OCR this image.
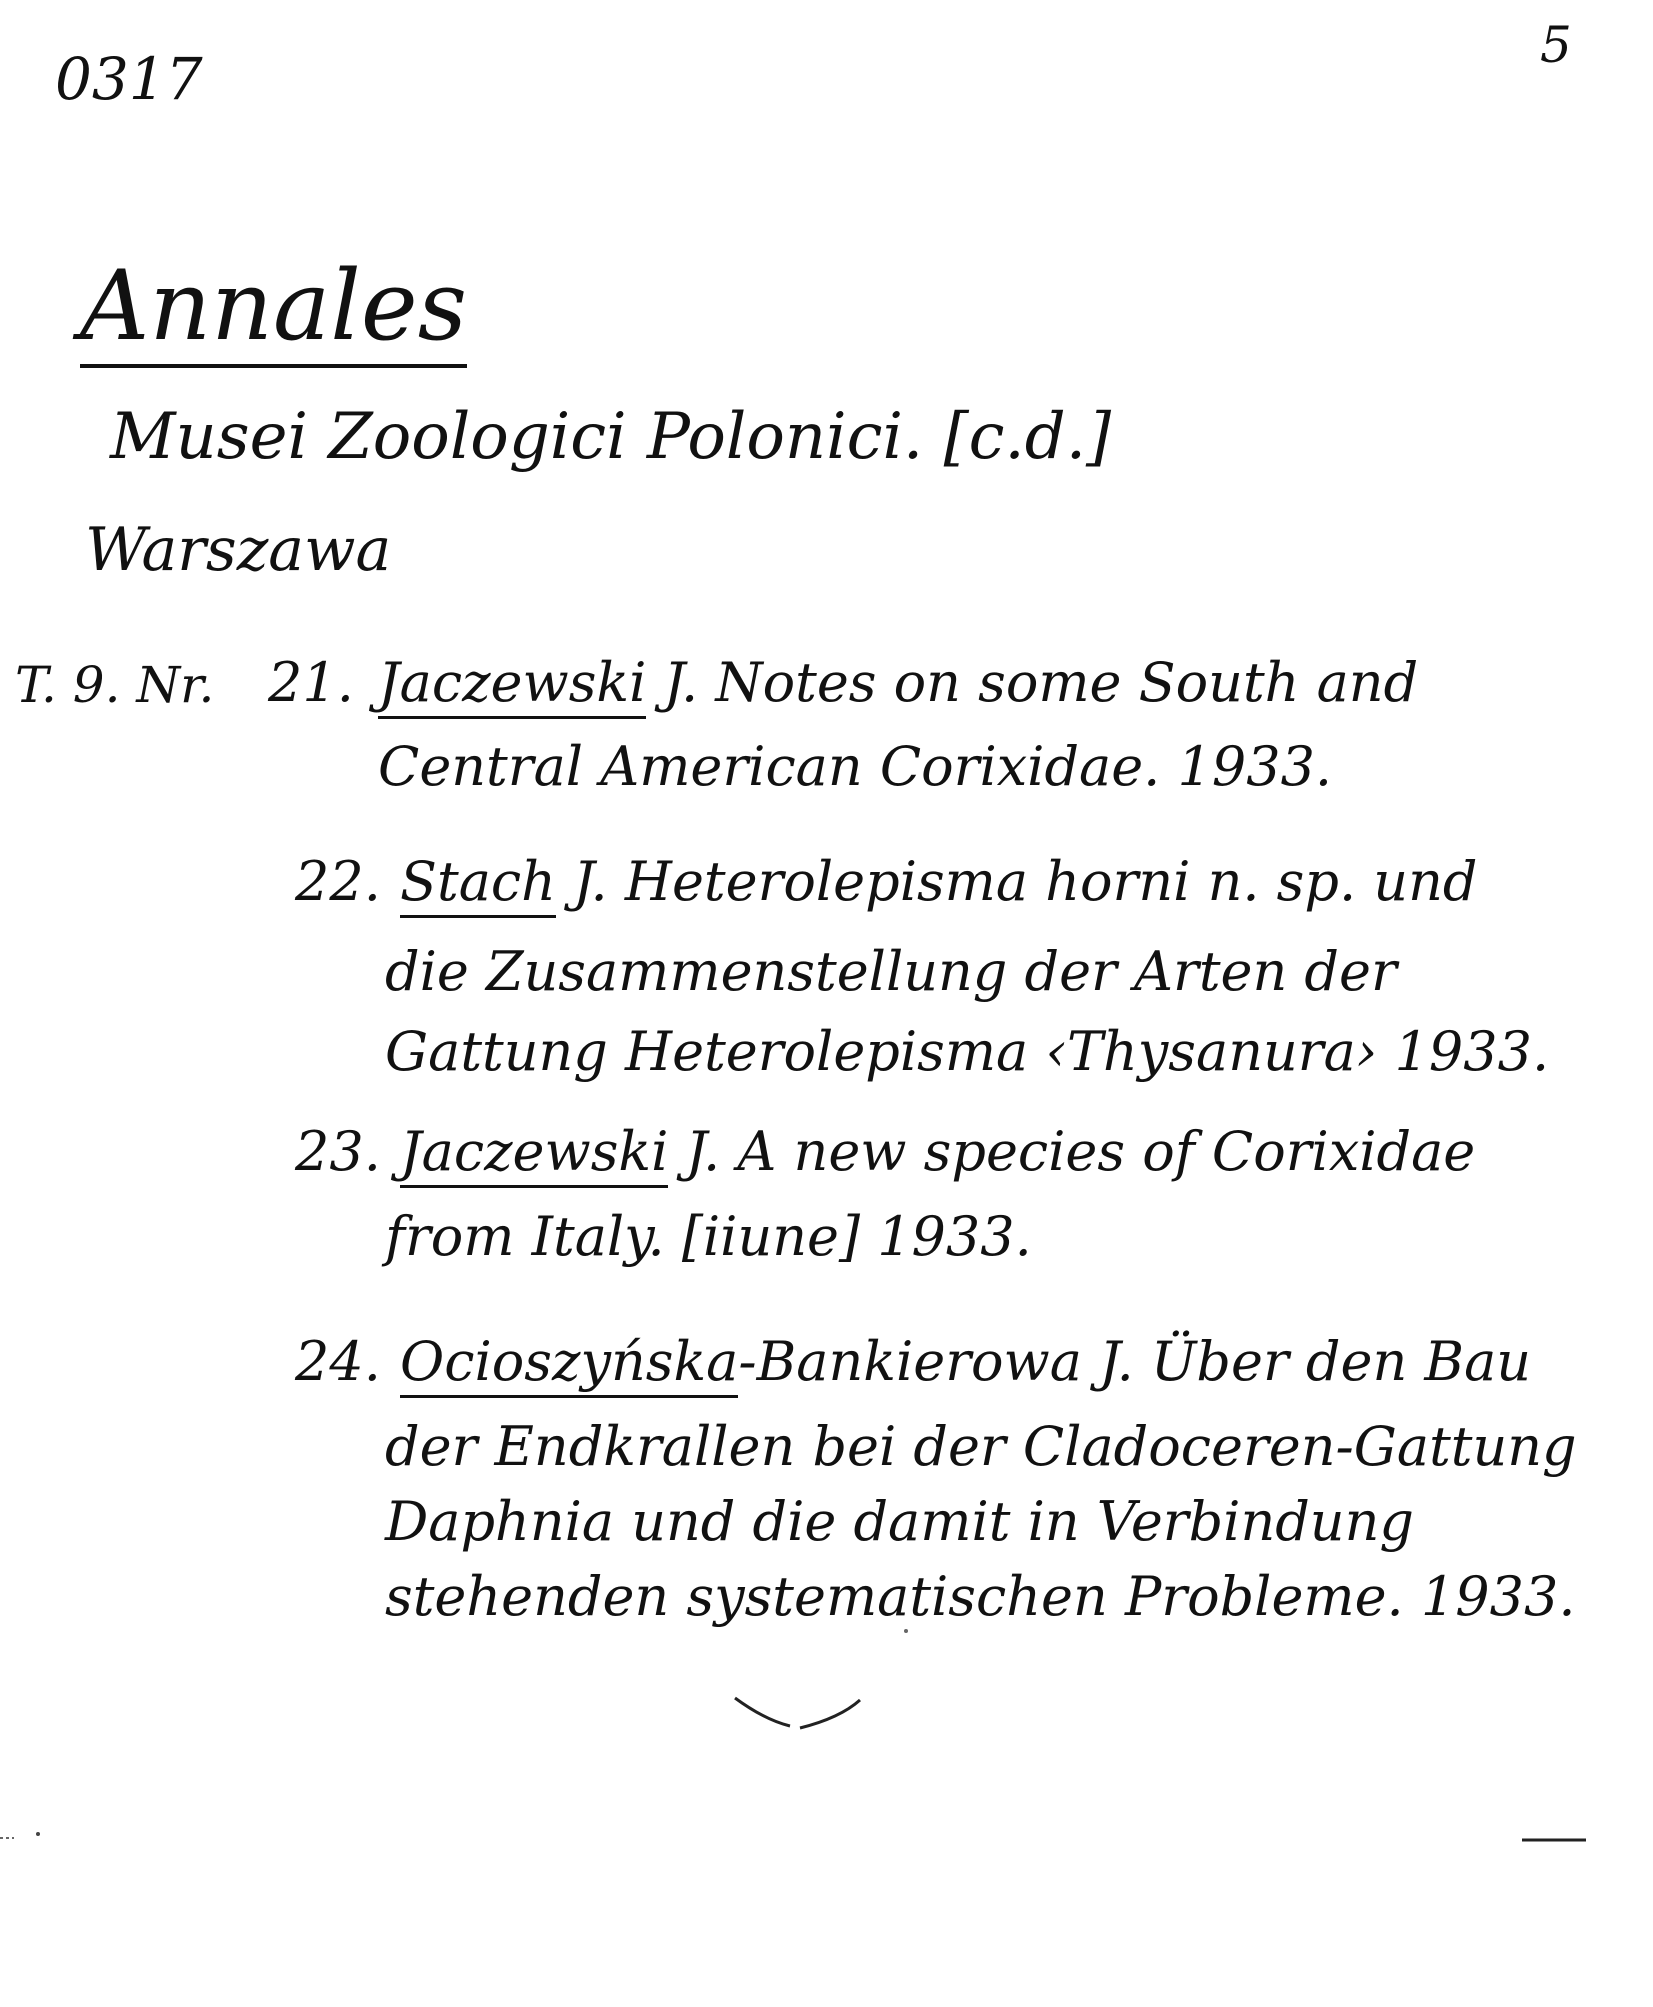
0317	5
Annales
Musei Zoologici Polonici. [c.d.]
Warszawa
T. 9. Nr. 21. Jaczewski J. Notes on some South and
Central American Corixidae. 1933.
22. Stach J. Heterolepisma horni n. sp. und
die Zusammenstellung der Arten der
Gattung Heterolepisma ‹Thysanura› 1933.
23. Jaczewski J. A new species of Corixidae
from Italy. [iiune] 1933.
24. Ocioszyńska-Bankierowa J. Über den Bau
der Endkrallen bei der Cladoceren-Gattung
Daphnia und die damit in Verbindung
stehenden systematischen Probleme. 1933.
